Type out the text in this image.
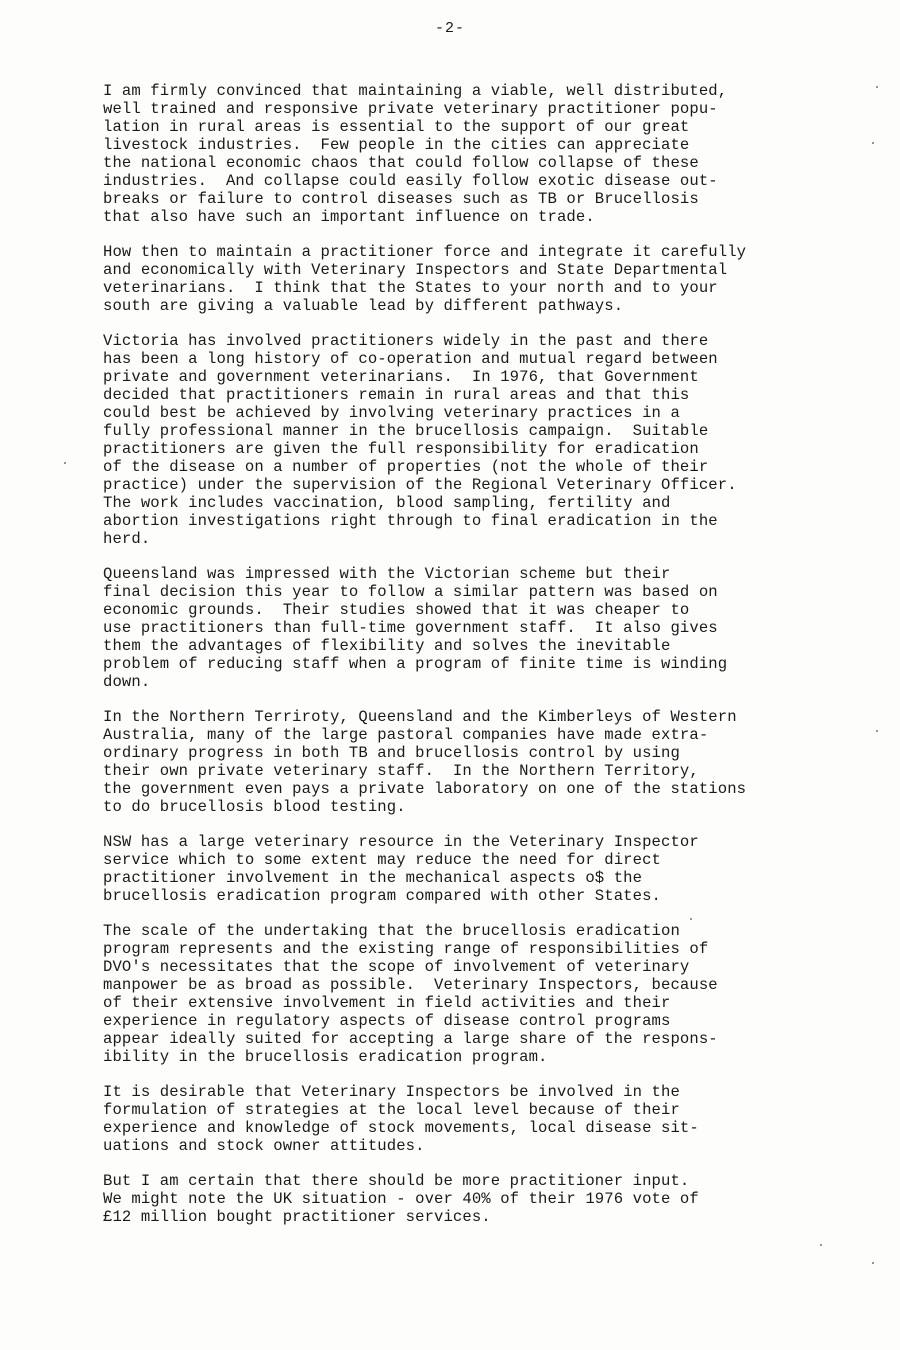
-2-

I am firmly convinced that maintaining a viable, well distributed,
well trained and responsive private veterinary practitioner popu-
lation in rural areas is essential to the support of our great
livestock industries.  Few people in the cities can appreciate
the national economic chaos that could follow collapse of these
industries.  And collapse could easily follow exotic disease out-
breaks or failure to control diseases such as TB or Brucellosis
that also have such an important influence on trade.

How then to maintain a practitioner force and integrate it carefully
and economically with Veterinary Inspectors and State Departmental
veterinarians.  I think that the States to your north and to your
south are giving a valuable lead by different pathways.

Victoria has involved practitioners widely in the past and there
has been a long history of co-operation and mutual regard between
private and government veterinarians.  In 1976, that Government
decided that practitioners remain in rural areas and that this
could best be achieved by involving veterinary practices in a
fully professional manner in the brucellosis campaign.  Suitable
practitioners are given the full responsibility for eradication
of the disease on a number of properties (not the whole of their
practice) under the supervision of the Regional Veterinary Officer.
The work includes vaccination, blood sampling, fertility and
abortion investigations right through to final eradication in the
herd.

Queensland was impressed with the Victorian scheme but their
final decision this year to follow a similar pattern was based on
economic grounds.  Their studies showed that it was cheaper to
use practitioners than full-time government staff.  It also gives
them the advantages of flexibility and solves the inevitable
problem of reducing staff when a program of finite time is winding
down.

In the Northern Terriroty, Queensland and the Kimberleys of Western
Australia, many of the large pastoral companies have made extra-
ordinary progress in both TB and brucellosis control by using
their own private veterinary staff.  In the Northern Territory,
the government even pays a private laboratory on one of the stations
to do brucellosis blood testing.

NSW has a large veterinary resource in the Veterinary Inspector
service which to some extent may reduce the need for direct
practitioner involvement in the mechanical aspects o$ the
brucellosis eradication program compared with other States.

The scale of the undertaking that the brucellosis eradication
program represents and the existing range of responsibilities of
DVO's necessitates that the scope of involvement of veterinary
manpower be as broad as possible.  Veterinary Inspectors, because
of their extensive involvement in field activities and their
experience in regulatory aspects of disease control programs
appear ideally suited for accepting a large share of the respons-
ibility in the brucellosis eradication program.

It is desirable that Veterinary Inspectors be involved in the
formulation of strategies at the local level because of their
experience and knowledge of stock movements, local disease sit-
uations and stock owner attitudes.

But I am certain that there should be more practitioner input.
We might note the UK situation - over 40% of their 1976 vote of
£12 million bought practitioner services.
